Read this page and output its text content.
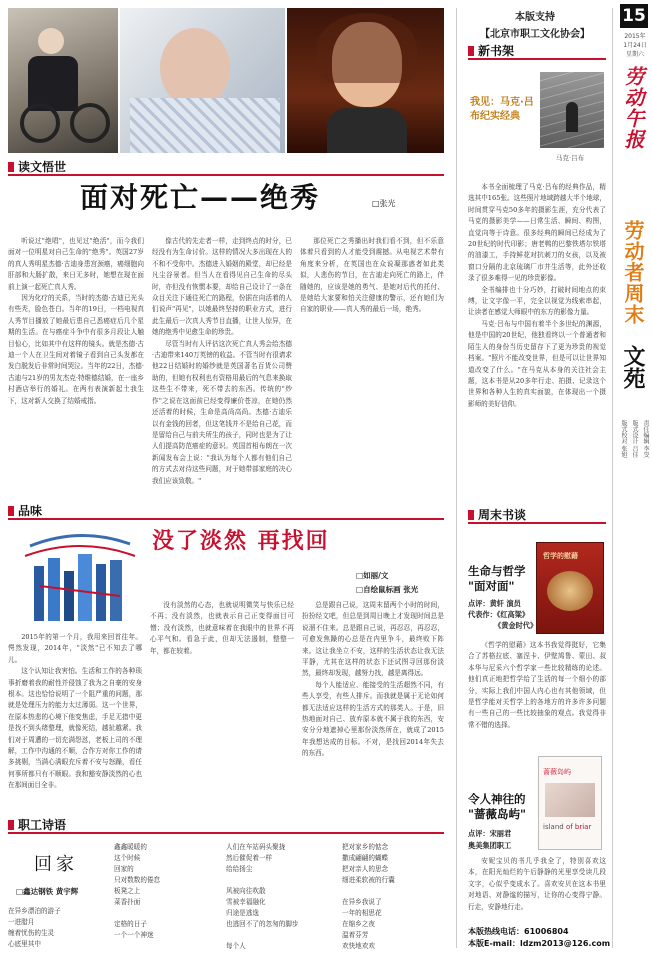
读文悟世
面对死亡——绝秀	□张光

听说过"绝唱"，也见过"绝活"，而今我们面对一位明星对自己生命的"绝秀"。英国27岁的真人秀明星杰德·古迪身患宫颈癌，癌细胞向肝部和大肠扩散，来日无多时，她想在现在面前上演一起死亡真人秀。

因为化疗的关系，当时的杰德·古迪已光头有些秃，脸色苍白。当年的19日，一档电视真人秀节目播放了她最后患自己悉癌症后几个星期的生活。在与癌症斗争中有很多月段让人触目惊心，比如其中有这样的镜头。就是杰德·古迪一个人在卫生间对着镜子看到自己头发都在发白脱发后非常时间哭泣。当年的22日，杰德·古迪与21岁的男友杰克·特维德结婚，在一座乡村酒店举行的婚礼。在两有表演新起土我生下，这对新人交换了结婚戒指。

像古代的先走者一样，走到终点的时分，已经没有为生命讨价。这样的情况大多出现在人的不和不受你中。杰德进入婚姻的殿堂，却已经是凡尘谷景者。但当人在看得见自己生命的尽头时，亦但没有恢惯本要，却给自己设计了一条在众目关注下通往死亡的路程，份据在向活着的人们说声"再见"，以她最终坚持的职业方式，进行此生最后一次真人秀节目直播，让世人惊异，在她的绝秀中见愈生命的珍贵。

尽管当时有人评估这次死亡真人秀会给杰德·古迪带来140万英镑的收益。不管当时有很请求他22日结婚时的婚纱就是英国著名百货公司赞助的，但她有权利也有资格用最后的气息来换取这些生不带来，死不带去的东西。传统的"炒作"之说在这面前已经变得廉价苍凉，在她仍然还活着的时候，生命是高尚高尚。杰德·古迪乐以有金钱的回者，但这笔钱并不是给自己花，而是留给自己与前夫所生的孩子，同时也是为了让人们提高防范癌症的意识。英国首相布朗在一次新闻发布会上说："我认为每个人都有他们自己的方式去对待这些问题，对于她带部家庭的决心我们应该致敬。"

那位死亡之秀播出时我们看不到，但不乐意体着只看到的人才能受到震撼。从电视艺术带有角度来分析，在英国也在众说凝那惑者如此类似，人悲伤的节目，在古迪走向死亡的路上，伴随她的，应该是她的勇气、是她对后代的托付、是她给大家要和怕关注健康的警示，还有她们为自家的职业——真人秀的最后一场，绝秀。

本版支持
【北京市职工文化协会】
新书架
我见：马克·吕布纪实经典
马克·吕布

本书全面梳理了马克·吕布的经典作品，精选其中165张。这些照片地域跨越大半个地球，时间贯穿马克50多年的摄影生涯，充分代表了马克的摄影美学——日常生活、瞬间、构图，直觉向等于诗意。很多经典的瞬间已经成为了20世纪的时代印影；唐老鸭的巴黎铁塔尔铁塔的油漆工，手持鲜花对抗刺刀的女孩，以及被窗口分隔的北京琉璃厂市井生活等，此外还收录了很多难得一见的珍贵影像。

全书编排也十分巧妙，打破时间地点的束缚，让文字像一平，完全以视觉为线索串起，让读者在感觉大师眼中的东方的影像力量。

马克·吕布与中国有着半个多世纪的渊源，他是中国的20世纪，他独看终以一个普通者和陌生人的身份当历史留存下了更为珍贵的视觉档案。"照片不能改变世界，但是可以让世界知道改变了什么。"在马克从本身的关注社会主题，这本书是从20多年行走、拍摄、记录这个世界和各种人生的真实面貌，在体现出一个摄影师的美好信仰。

15
2015年
1月24日
星期六
劳动午报
劳动者周末
文苑
责任编辑 李旻
版式设计 吕佳
版式校对 张旭
品味
没了淡然 再找回
□如丽/文
□自绘鼠标画 张光

2015年的第一个月，我用来回首往年。愕然发现，2014年，"淡然"已不知去了哪儿。

这个认知让我害怕。生活和工作的各种琐事折磨着我的耐性并侵蚀了我为之自豪的安身根本。这也恰恰说明了一个阻严重的问题，那就是处理压力的能力太过薄弱。这一个世界，在原本热悲的心境下他变焦虑，手足无措中更是找不到头绪整理，就像死结，越扯越紧。我们对于周遭的一切充满怨怼，老板上司的不理解，工作中沟通的不顺，合作方对你工作的请多挑剔，当满心满眼充斥着不安与怒躁，看任何事所都只有不顺眼。我和豁安静淡然的心也在那间面目全非。

没有淡然的心态，也就说明微笑与快乐已经不再；没有淡然，也就表示自己正变得面目可憎；没有淡然，也就意味着在我眼中的世界不再心平气和。看急于此，但却无法遏制，整整一年，都在较着。

总是跟自己说，这周末留两个小时的时间，扮扮经文吧，但总是到周日晚上才发现时间总是说溜不住来。总是跟自己说，再忍忍，再忍忍，可愈发焦躁的心总是在内里争斗，最终败下阵来。这让我坐立不安，这样的生活状态让我无法平静，尤其在这样的状态下还试图寻回那份淡然，最终却发现，越努力找，越是离得远。

每个人能适应、能接受的生活超然不同，有些人享受，有些人排斥。而我就是属于无论如何都无法适应这样的生活方式的那类人。于是，旧热地面对自己、放弃原本就不属于我的东西，安安分分地遮掉心里那份淡然所在，就成了2015年我想达成的目标。不对，是找回2014年失去的东西。

周末书谈
生命与哲学
"面对面"
哲学的慰藉
点评：黄轩 演员
代表作：《红高粱》
《黄金时代》

《哲学的慰藉》这本书我觉得挺好，它集合了苏格拉底、塞涅卡、伊壁鸠鲁、蒙田、叔本华与尼采六个哲学家一些比较精练的论述。他们真正地把哲学给了生活的每一个细小的部分，实际上我们中国人内心也有其他领域，但是哲学能对关哲学上的各地方的许多许多问题有一些自己的一些比较抽象的观点。我觉得非常不错的选择。

令人神往的
"蔷薇岛屿"
蔷薇岛屿
island of briar
点评：宋丽君
奥美集团职工

安妮宝贝的书几乎我全了，特别喜欢这本，在阳光灿烂的午后静静的光里享受读几段文字，心似乎变成水了。喜欢安贝在这本书里对地语、对静谧的描写，让你的心变得宁静。行走，安静地行走。

本版热线电话：61006804
本版E-mail：ldzm2013@126.com
职工诗语
回家
□鑫达钢铁 黄宇辉
在异乡漂泊的游子
一进腊月
缠着忧伤的生灵
心底里其中
鑫鑫暖暖的
这个时候
回家的
只对数数的倦怠
板凳之上
菜香扑面
定格的日子
一个一个神迷
人们在车站码头聚拢
然后催促着一样
给给扬尘
风被向往吹散
雪被幸福融化
归途是逃逸
也逃回不了的忽匆的脚步
每个人
把对家乡的惦念
撒成翩翩的蝴蝶
把对亲人的思念
细进柔软被的行囊
在异乡我说了
一年的相思花
在缩乡之夜
温着芬芳
欢快地欢欢
